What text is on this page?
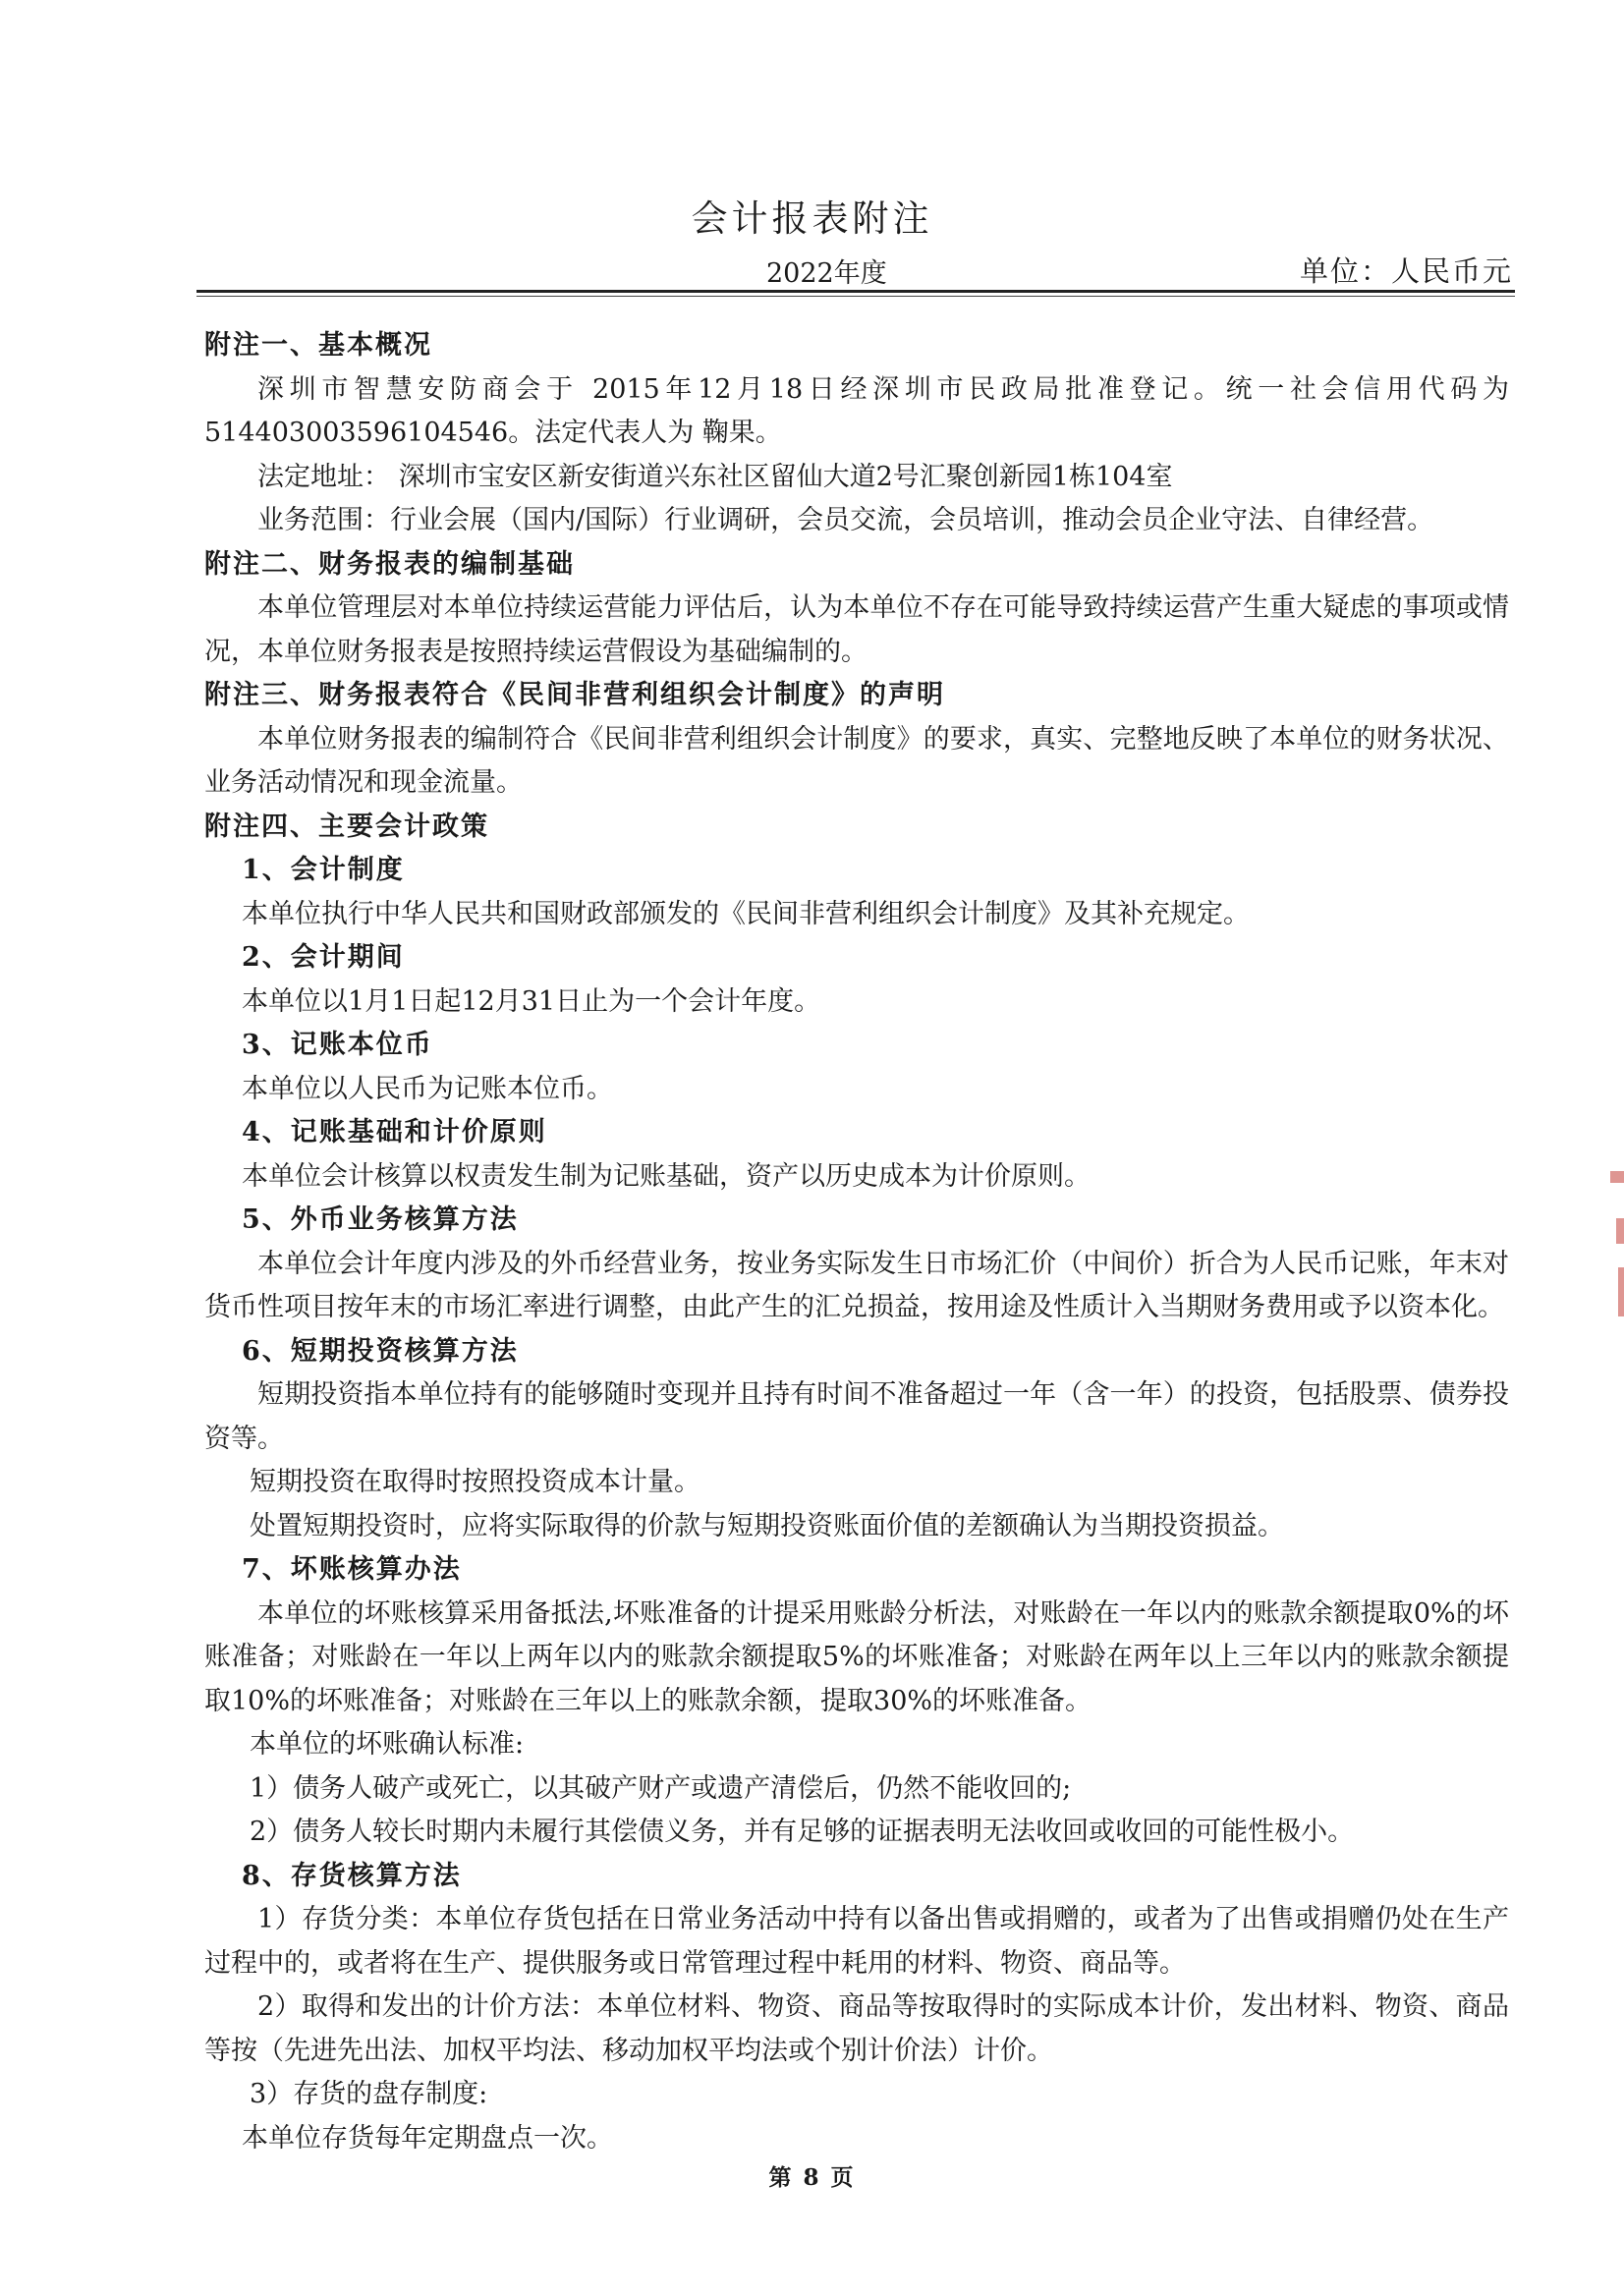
会计报表附注
2022年度	单位：人民币元

附注一、基本概况

深圳市智慧安防商会于 2015年12月18日经深圳市民政局批准登记。统一社会信用代码为514403003596104546。法定代表人为 鞠果。

法定地址： 深圳市宝安区新安街道兴东社区留仙大道2号汇聚创新园1栋104室

业务范围：行业会展（国内/国际）行业调研，会员交流，会员培训，推动会员企业守法、自律经营。

附注二、财务报表的编制基础

本单位管理层对本单位持续运营能力评估后，认为本单位不存在可能导致持续运营产生重大疑虑的事项或情况，本单位财务报表是按照持续运营假设为基础编制的。

附注三、财务报表符合《民间非营利组织会计制度》的声明

本单位财务报表的编制符合《民间非营利组织会计制度》的要求，真实、完整地反映了本单位的财务状况、业务活动情况和现金流量。

附注四、主要会计政策

1、会计制度

本单位执行中华人民共和国财政部颁发的《民间非营利组织会计制度》及其补充规定。

2、会计期间

本单位以1月1日起12月31日止为一个会计年度。

3、记账本位币

本单位以人民币为记账本位币。

4、记账基础和计价原则

本单位会计核算以权责发生制为记账基础，资产以历史成本为计价原则。

5、外币业务核算方法

本单位会计年度内涉及的外币经营业务，按业务实际发生日市场汇价（中间价）折合为人民币记账，年末对货币性项目按年末的市场汇率进行调整，由此产生的汇兑损益，按用途及性质计入当期财务费用或予以资本化。

6、短期投资核算方法

短期投资指本单位持有的能够随时变现并且持有时间不准备超过一年（含一年）的投资，包括股票、债券投资等。

短期投资在取得时按照投资成本计量。

处置短期投资时，应将实际取得的价款与短期投资账面价值的差额确认为当期投资损益。

7、坏账核算办法

本单位的坏账核算采用备抵法,坏账准备的计提采用账龄分析法，对账龄在一年以内的账款余额提取0%的坏账准备；对账龄在一年以上两年以内的账款余额提取5%的坏账准备；对账龄在两年以上三年以内的账款余额提取10%的坏账准备；对账龄在三年以上的账款余额，提取30%的坏账准备。

本单位的坏账确认标准:

1）债务人破产或死亡，以其破产财产或遗产清偿后，仍然不能收回的;

2）债务人较长时期内未履行其偿债义务，并有足够的证据表明无法收回或收回的可能性极小。

8、存货核算方法

1）存货分类：本单位存货包括在日常业务活动中持有以备出售或捐赠的，或者为了出售或捐赠仍处在生产过程中的，或者将在生产、提供服务或日常管理过程中耗用的材料、物资、商品等。

2）取得和发出的计价方法：本单位材料、物资、商品等按取得时的实际成本计价，发出材料、物资、商品等按（先进先出法、加权平均法、移动加权平均法或个别计价法）计价。

3）存货的盘存制度:

本单位存货每年定期盘点一次。

第 8 页
